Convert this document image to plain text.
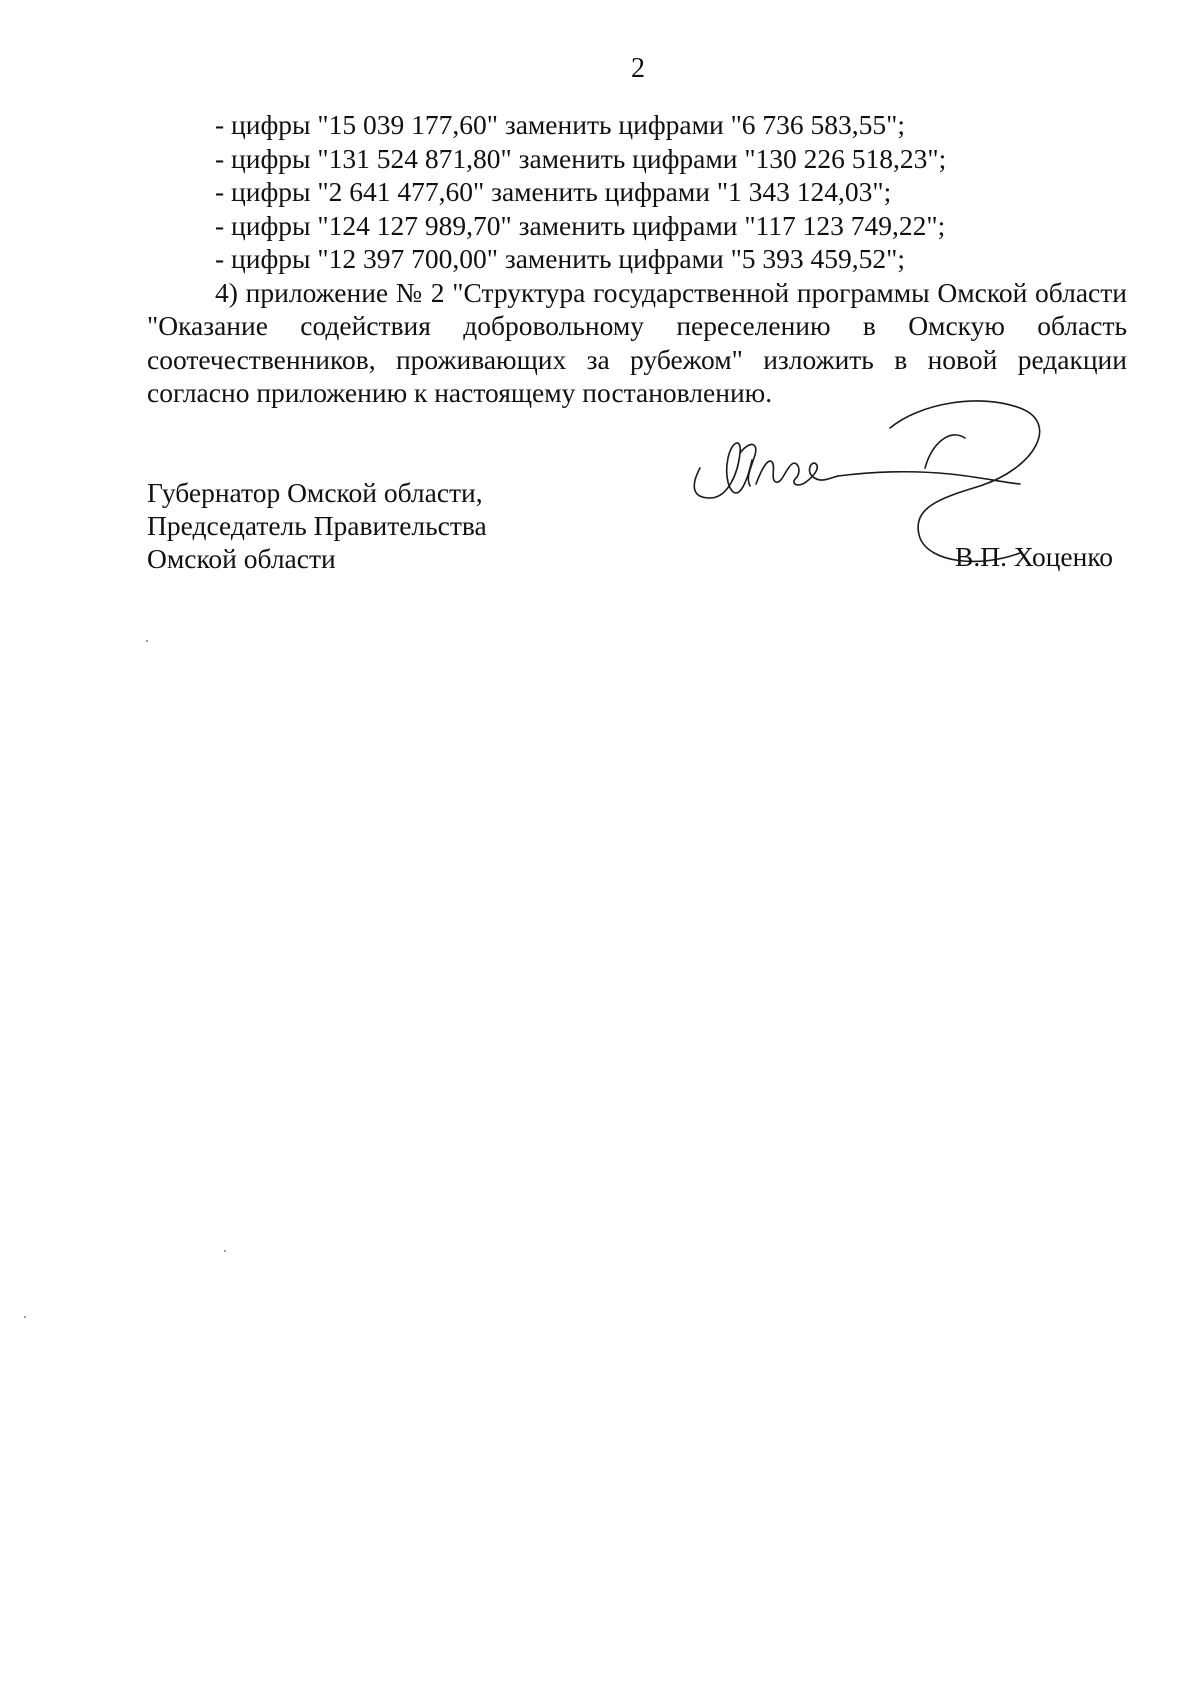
2

- цифры "15 039 177,60" заменить цифрами "6 736 583,55";

- цифры "131 524 871,80" заменить цифрами "130 226 518,23";

- цифры "2 641 477,60" заменить цифрами "1 343 124,03";

- цифры "124 127 989,70" заменить цифрами "117 123 749,22";

- цифры "12 397 700,00" заменить цифрами "5 393 459,52";

4) приложение № 2 "Структура государственной программы Омской области "Оказание содействия добровольному переселению в Омскую область соотечественников, проживающих за рубежом" изложить в новой редакции согласно приложению к настоящему постановлению.

Губернатор Омской области,
Председатель Правительства
Омской области	В.П. Хоценко
